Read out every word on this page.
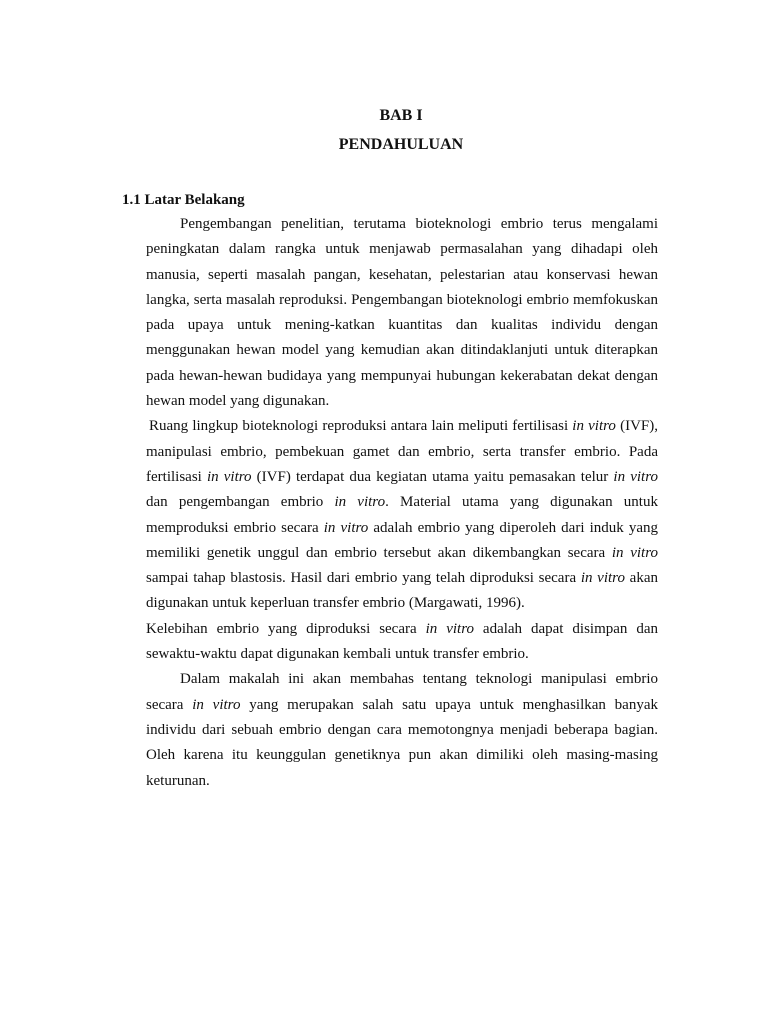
BAB I
PENDAHULUAN
1.1 Latar Belakang

Pengembangan penelitian, terutama bioteknologi embrio terus mengalami peningkatan dalam rangka untuk menjawab permasalahan yang dihadapi oleh manusia, seperti masalah pangan, kesehatan, pelestarian atau konservasi hewan langka, serta masalah reproduksi. Pengembangan bioteknologi embrio memfokuskan pada upaya untuk mening-katkan kuantitas dan kualitas individu dengan menggunakan hewan model yang kemudian akan ditindaklanjuti untuk diterapkan pada hewan-hewan budidaya yang mempunyai hubungan kekerabatan dekat dengan hewan model yang digunakan.

Ruang lingkup bioteknologi reproduksi antara lain meliputi fertilisasi in vitro (IVF), manipulasi embrio, pembekuan gamet dan embrio, serta transfer embrio. Pada fertilisasi in vitro (IVF) terdapat dua kegiatan utama yaitu pemasakan telur in vitro dan pengembangan embrio in vitro. Material utama yang digunakan untuk memproduksi embrio secara in vitro adalah embrio yang diperoleh dari induk yang memiliki genetik unggul dan embrio tersebut akan dikembangkan secara in vitro sampai tahap blastosis. Hasil dari embrio yang telah diproduksi secara in vitro akan digunakan untuk keperluan transfer embrio (Margawati, 1996).

Kelebihan embrio yang diproduksi secara in vitro adalah dapat disimpan dan sewaktu-waktu dapat digunakan kembali untuk transfer embrio.

Dalam makalah ini akan membahas tentang teknologi manipulasi embrio secara in vitro yang merupakan salah satu upaya untuk menghasilkan banyak individu dari sebuah embrio dengan cara memotongnya menjadi beberapa bagian. Oleh karena itu keunggulan genetiknya pun akan dimiliki oleh masing-masing keturunan.
